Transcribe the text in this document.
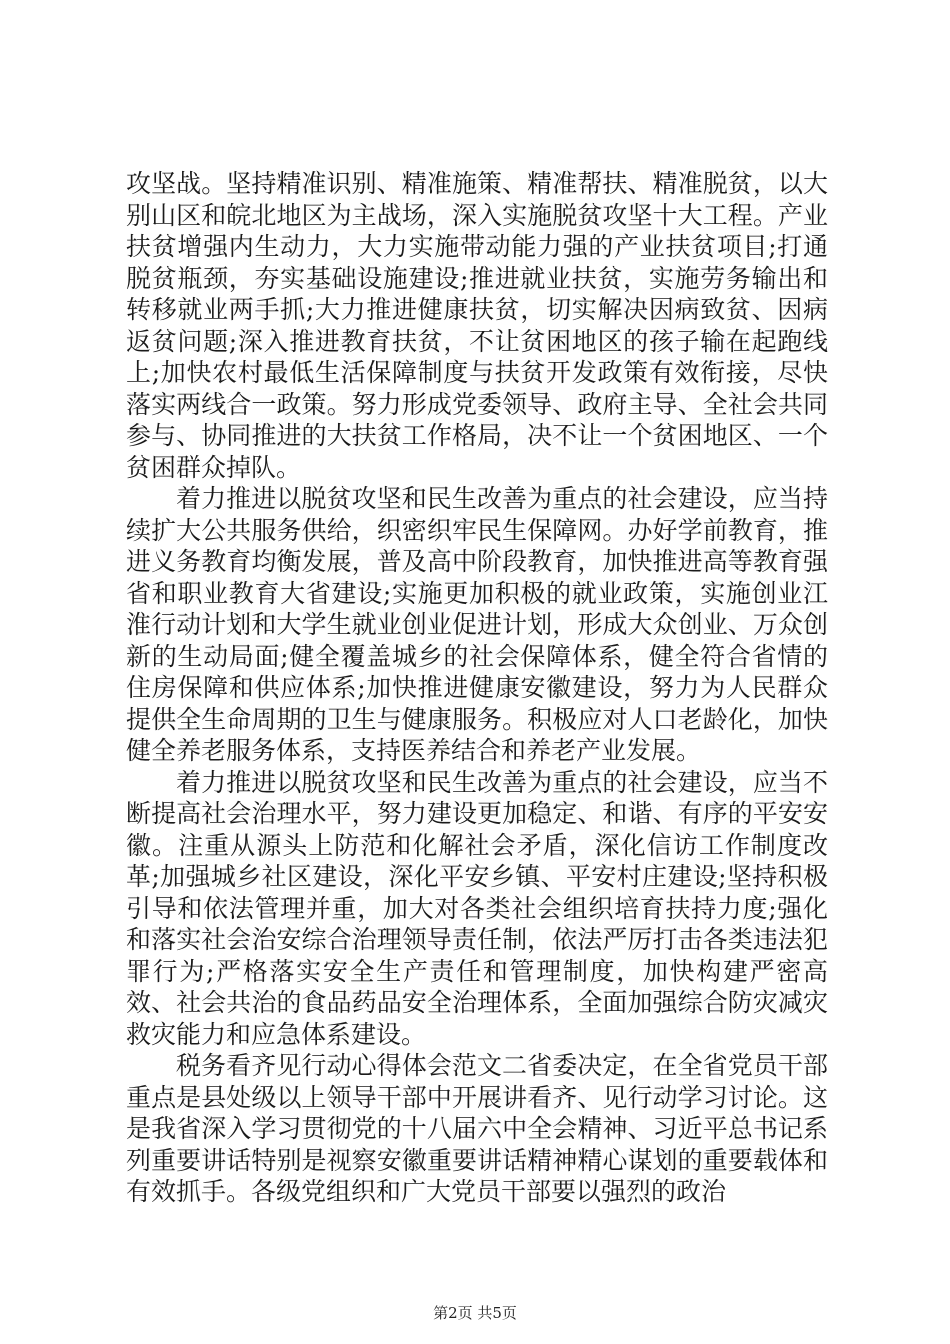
攻坚战。坚持精准识别、精准施策、精准帮扶、精准脱贫，以大别山区和皖北地区为主战场，深入实施脱贫攻坚十大工程。产业扶贫增强内生动力，大力实施带动能力强的产业扶贫项目;打通脱贫瓶颈，夯实基础设施建设;推进就业扶贫，实施劳务输出和转移就业两手抓;大力推进健康扶贫，切实解决因病致贫、因病返贫问题;深入推进教育扶贫，不让贫困地区的孩子输在起跑线上;加快农村最低生活保障制度与扶贫开发政策有效衔接，尽快落实两线合一政策。努力形成党委领导、政府主导、全社会共同参与、协同推进的大扶贫工作格局，决不让一个贫困地区、一个贫困群众掉队。

着力推进以脱贫攻坚和民生改善为重点的社会建设，应当持续扩大公共服务供给，织密织牢民生保障网。办好学前教育，推进义务教育均衡发展，普及高中阶段教育，加快推进高等教育强省和职业教育大省建设;实施更加积极的就业政策，实施创业江淮行动计划和大学生就业创业促进计划，形成大众创业、万众创新的生动局面;健全覆盖城乡的社会保障体系，健全符合省情的住房保障和供应体系;加快推进健康安徽建设，努力为人民群众提供全生命周期的卫生与健康服务。积极应对人口老龄化，加快健全养老服务体系，支持医养结合和养老产业发展。

着力推进以脱贫攻坚和民生改善为重点的社会建设，应当不断提高社会治理水平，努力建设更加稳定、和谐、有序的平安安徽。注重从源头上防范和化解社会矛盾，深化信访工作制度改革;加强城乡社区建设，深化平安乡镇、平安村庄建设;坚持积极引导和依法管理并重，加大对各类社会组织培育扶持力度;强化和落实社会治安综合治理领导责任制，依法严厉打击各类违法犯罪行为;严格落实安全生产责任和管理制度，加快构建严密高效、社会共治的食品药品安全治理体系，全面加强综合防灾减灾救灾能力和应急体系建设。

税务看齐见行动心得体会范文二省委决定，在全省党员干部重点是县处级以上领导干部中开展讲看齐、见行动学习讨论。这是我省深入学习贯彻党的十八届六中全会精神、习近平总书记系列重要讲话特别是视察安徽重要讲话精神精心谋划的重要载体和有效抓手。各级党组织和广大党员干部要以强烈的政治

第2页 共5页
